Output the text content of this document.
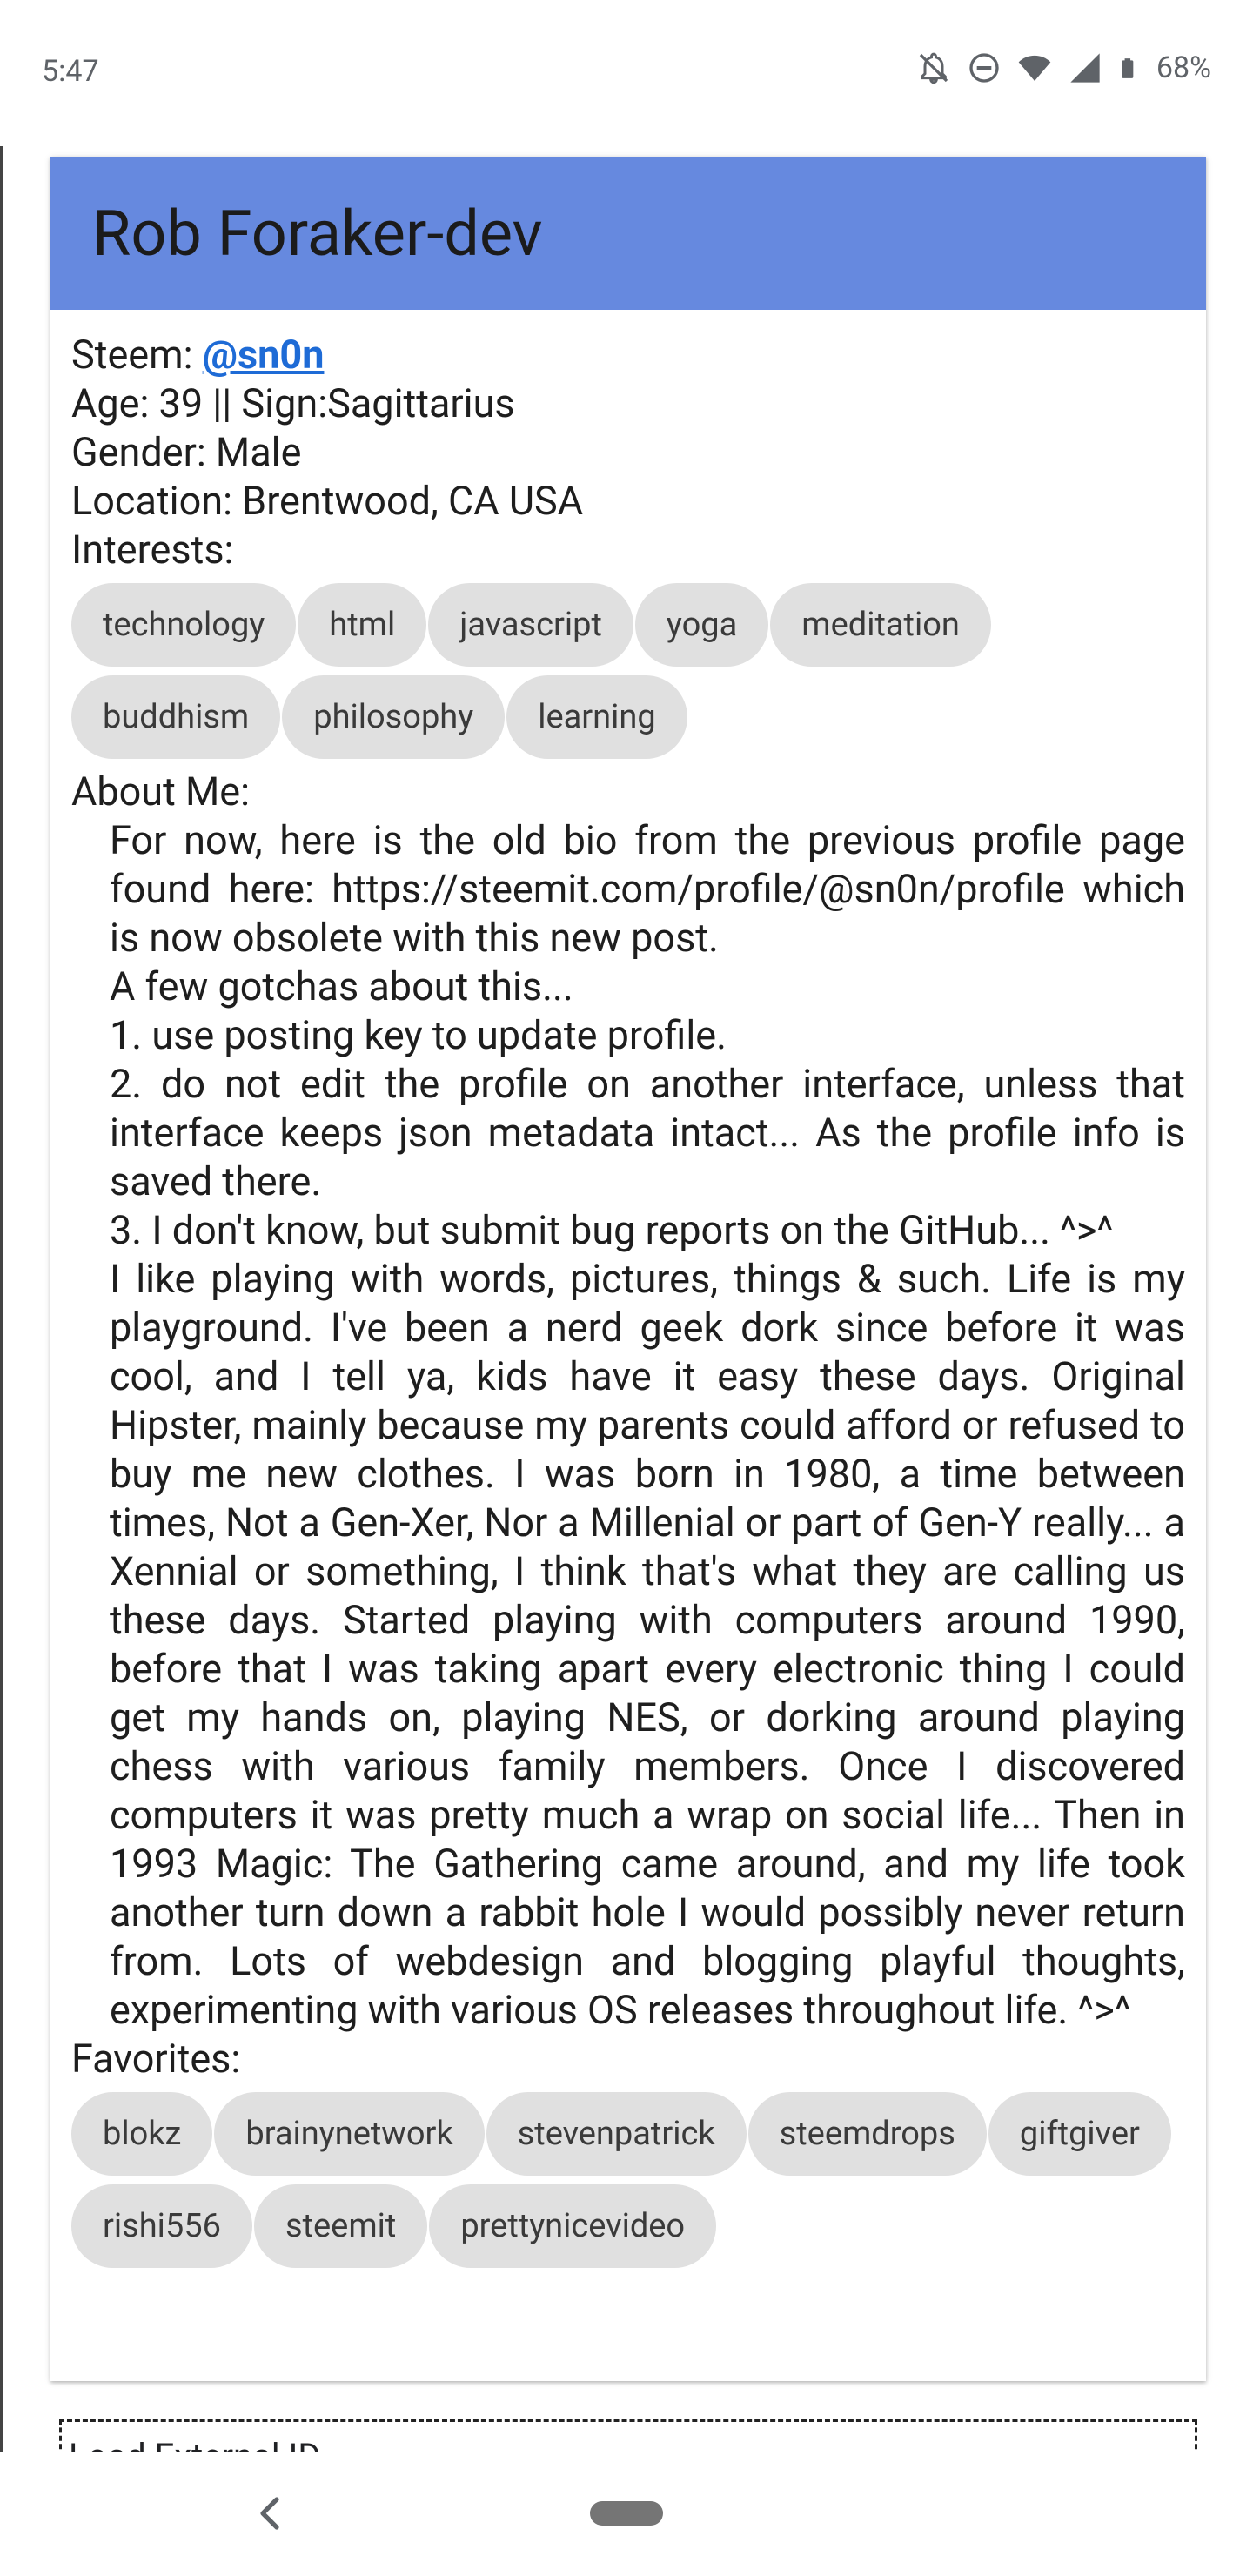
5:47	68%
Rob Foraker-dev
Steem: @sn0n
Age: 39 || Sign:Sagittarius
Gender: Male
Location: Brentwood, CA USA
Interests:
technology	html	javascript	yoga	meditation
buddhism	philosophy	learning
About Me:

For now, here is the old bio from the previous profile page found here: https://steemit.com/profile/@sn0n/profile which is now obsolete with this new post.

A few gotchas about this...

1. use posting key to update profile.

2. do not edit the profile on another interface, unless that interface keeps json metadata intact... As the profile info is saved there.

3. I don't know, but submit bug reports on the GitHub... ^>^

I like playing with words, pictures, things & such. Life is my playground. I've been a nerd geek dork since before it was cool, and I tell ya, kids have it easy these days. Original Hipster, mainly because my parents could afford or refused to buy me new clothes. I was born in 1980, a time between times, Not a Gen-Xer, Nor a Millenial or part of Gen-Y really... a Xennial or something, I think that's what they are calling us these days. Started playing with computers around 1990, before that I was taking apart every electronic thing I could get my hands on, playing NES, or dorking around playing chess with various family members. Once I discovered computers it was pretty much a wrap on social life... Then in 1993 Magic: The Gathering came around, and my life took another turn down a rabbit hole I would possibly never return from. Lots of webdesign and blogging playful thoughts, experimenting with various OS releases throughout life. ^>^

Favorites:
blokz	brainynetwork	stevenpatrick	steemdrops	giftgiver
rishi556	steemit	prettynicevideo
